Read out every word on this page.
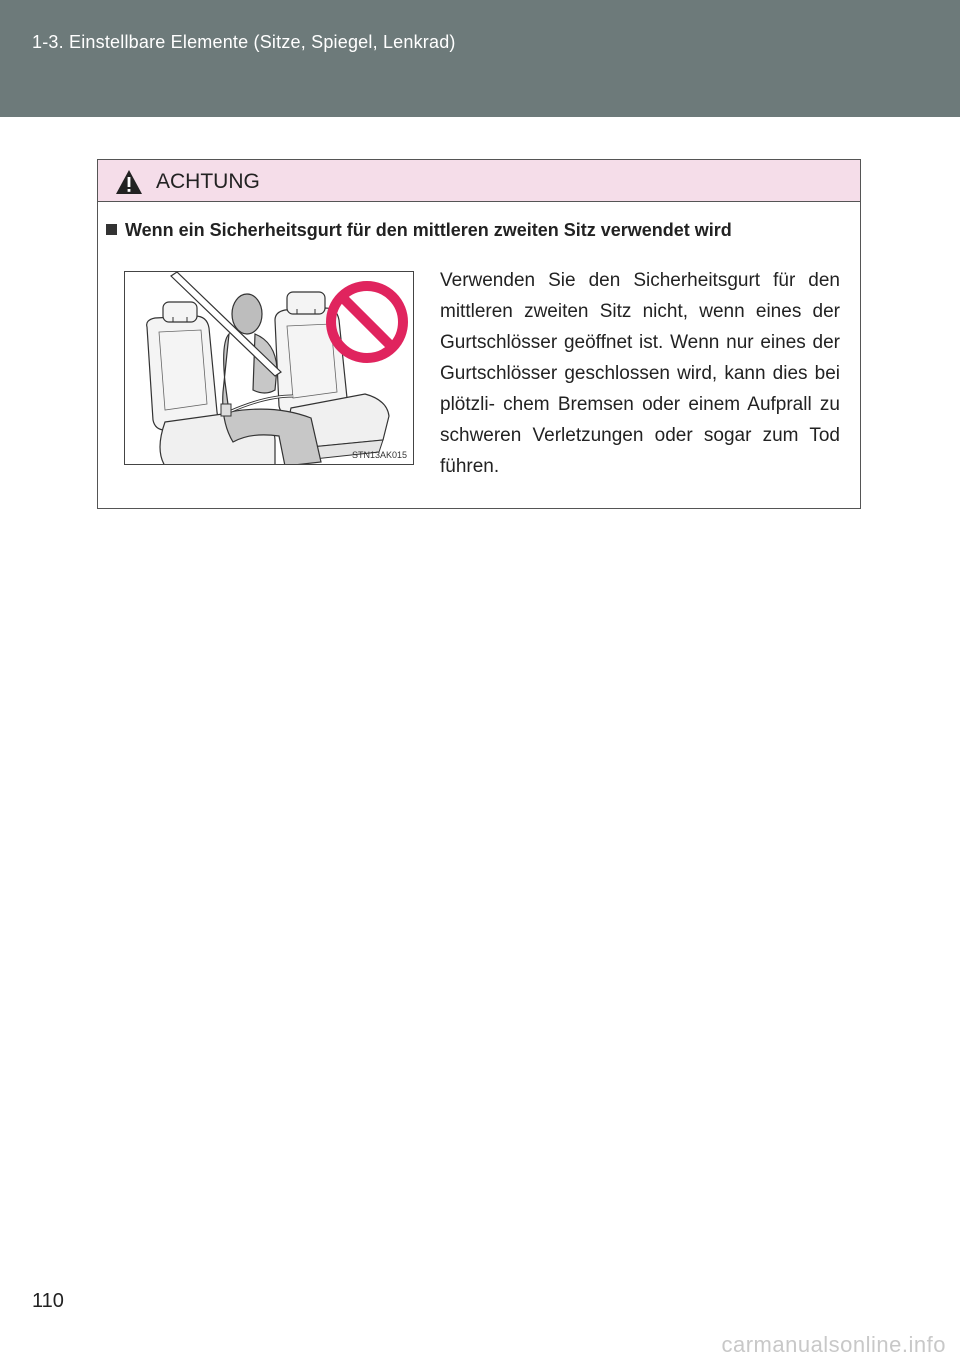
1-3. Einstellbare Elemente (Sitze, Spiegel, Lenkrad)
ACHTUNG
Wenn ein Sicherheitsgurt für den mittleren zweiten Sitz verwendet wird
STN13AK015
Verwenden Sie den Sicherheitsgurt für den mittleren zweiten Sitz nicht, wenn eines der Gurtschlösser geöffnet ist. Wenn nur eines der Gurtschlösser geschlossen wird, kann dies bei plötzli- chem Bremsen oder einem Aufprall zu schweren Verletzungen oder sogar zum Tod führen.
110
carmanualsonline.info
